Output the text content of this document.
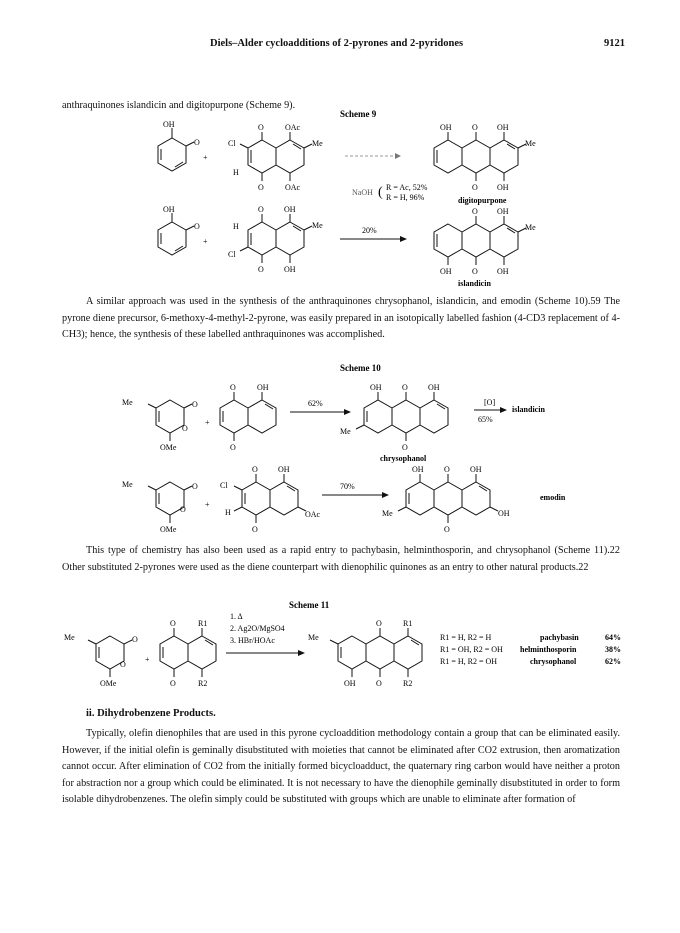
Diels–Alder cycloadditions of 2-pyrones and 2-pyridones	9121
anthraquinones islandicin and digitopurpone (Scheme 9).
Scheme 9
OH
O
+
O	OAc
Cl	Me
H
O	OAc
OH	O OH
Me
O OH
digitopurpone
NaOH ( R = Ac, 52%
R = H, 96%
OH
O
+
O	OH
H	Me
Cl
O	OH
20%
O OH
Me
OH	O OH
islandicin
A similar approach was used in the synthesis of the anthraquinones chrysophanol, islandicin, and emodin (Scheme 10).59 The pyrone diene precursor, 6-methoxy-4-methyl-2-pyrone, was easily prepared in an isotopically labelled fashion (4-CD3 replacement of 4-CH3); hence, the synthesis of these labelled anthraquinones was accomplished.
Scheme 10
Me	O
O
OMe
+
O	OH
O
62%
OH	O	OH
Me
O
chrysophanol
[O]
65%
islandicin
Me	O
O
OMe
+
O	OH
Cl
H	OAc
O
70%
OH	O	OH
Me	OH
O
emodin
This type of chemistry has also been used as a rapid entry to pachybasin, helminthosporin, and chrysophanol (Scheme 11).22 Other substituted 2-pyrones were used as the diene counterpart with dienophilic quinones as an entry to other natural products.22
Scheme 11
Me	O
O
OMe
+
O	R1
O	R2
1. Δ
2. Ag2O/MgSO4
3. HBr/HOAc	Me
O	R1
OH	O	R2
R1 = H, R2 = H	pachybasin	64%
R1 = OH, R2 = OH helminthosporin	38%
R1 = H, R2 = OH	chrysophanol	62%
ii. Dihydrobenzene Products.
Typically, olefin dienophiles that are used in this pyrone cycloaddition methodology contain a group that can be eliminated easily. However, if the initial olefin is geminally disubstituted with moieties that cannot be eliminated after CO2 extrusion, then aromatization cannot occur. After elimination of CO2 from the initially formed bicycloadduct, the quaternary ring carbon would have neither a proton for abstraction nor a group which could be eliminated. It is not necessary to have the dienophile geminally disubstituted in order to form isolable dihydrobenzenes. The olefin simply could be substituted with groups which are unable to eliminate after formation of
